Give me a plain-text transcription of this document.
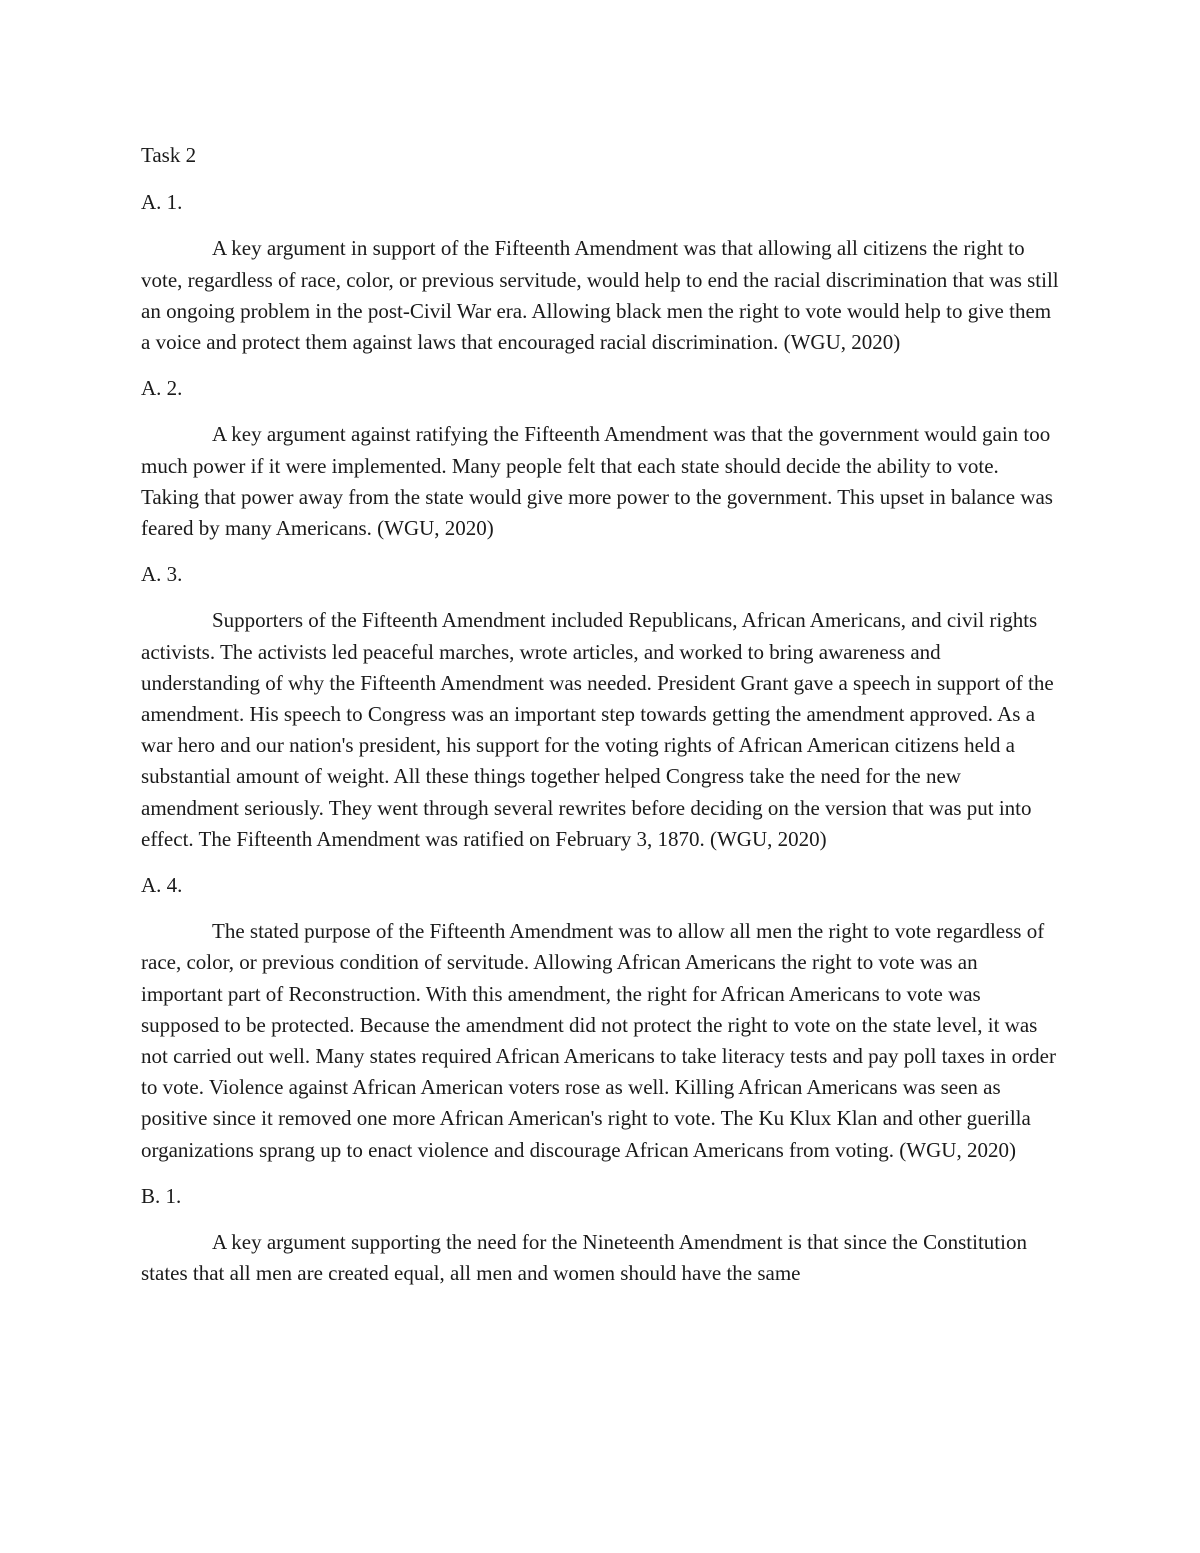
Task 2

A. 1.

A key argument in support of the Fifteenth Amendment was that allowing all citizens the right to vote, regardless of race, color, or previous servitude, would help to end the racial discrimination that was still an ongoing problem in the post-Civil War era. Allowing black men the right to vote would help to give them a voice and protect them against laws that encouraged racial discrimination. (WGU, 2020)

A. 2.

A key argument against ratifying the Fifteenth Amendment was that the government would gain too much power if it were implemented. Many people felt that each state should decide the ability to vote. Taking that power away from the state would give more power to the government. This upset in balance was feared by many Americans. (WGU, 2020)

A. 3.

Supporters of the Fifteenth Amendment included Republicans, African Americans, and civil rights activists. The activists led peaceful marches, wrote articles, and worked to bring awareness and understanding of why the Fifteenth Amendment was needed. President Grant gave a speech in support of the amendment. His speech to Congress was an important step towards getting the amendment approved. As a war hero and our nation's president, his support for the voting rights of African American citizens held a substantial amount of weight. All these things together helped Congress take the need for the new amendment seriously. They went through several rewrites before deciding on the version that was put into effect. The Fifteenth Amendment was ratified on February 3, 1870. (WGU, 2020)

A. 4.

The stated purpose of the Fifteenth Amendment was to allow all men the right to vote regardless of race, color, or previous condition of servitude. Allowing African Americans the right to vote was an important part of Reconstruction. With this amendment, the right for African Americans to vote was supposed to be protected. Because the amendment did not protect the right to vote on the state level, it was not carried out well. Many states required African Americans to take literacy tests and pay poll taxes in order to vote. Violence against African American voters rose as well. Killing African Americans was seen as positive since it removed one more African American's right to vote. The Ku Klux Klan and other guerilla organizations sprang up to enact violence and discourage African Americans from voting. (WGU, 2020)

B. 1.

A key argument supporting the need for the Nineteenth Amendment is that since the Constitution states that all men are created equal, all men and women should have the same
